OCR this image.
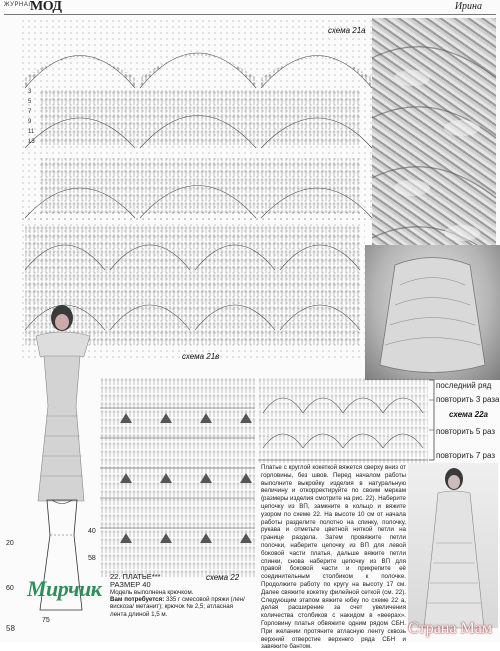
ЖУРНАЛ
МОД	Ирина
13
11
9
7
5
3
схема 21а
схема 21в
20
75
60
40
58
схема 22
последний ряд
повторить 3 раза
схема 22а
повторить 5 раз
повторить 7 раз
Платье с круглой кокеткой вяжется сверху вниз от горловины, без швов. Перед началом работы выполните выкройку изделия в натуральную величину и откорректируйте по своим меркам (размеры изделия смотрите на рис. 22). Наберите цепочку из ВП, замкните в кольцо и вяжите узором по схеме 22. На высоте 10 см от начала работы разделите полотно на спинку, полочку, рукава и отметьте цветной ниткой петли на границе раздела. Затем провяжите петли полочки, наберите цепочку из ВП для левой боковой части платья, дальше вяжите петли спинки, снова наберите цепочку из ВП для правой боковой части и прикрепите её соединительным столбиком к полочке. Продолжите работу по кругу на высоту 17 см. Далее свяжите кокетку филейной сеткой (см. 22). Следующим этапом вяжите юбку по схеме 22 а, делая расширение за счет увеличения количества столбиков с накидом в «веерах». Горловину платья обвяжите одним рядом СБН. При желании протяните атласную ленту сквозь верхний отверстие верхнего ряда СБН и завяжите бантом.
22. ПЛАТЬЕ***
РАЗМЕР 40
Модель выполнена крючком.
Вам потребуется: 335 г смесовой пряжи (лен/вискоза/ метанит); крючок № 2,5; атласная лента длиной 1,5 м.
Мирчик
58	Страна Мам
